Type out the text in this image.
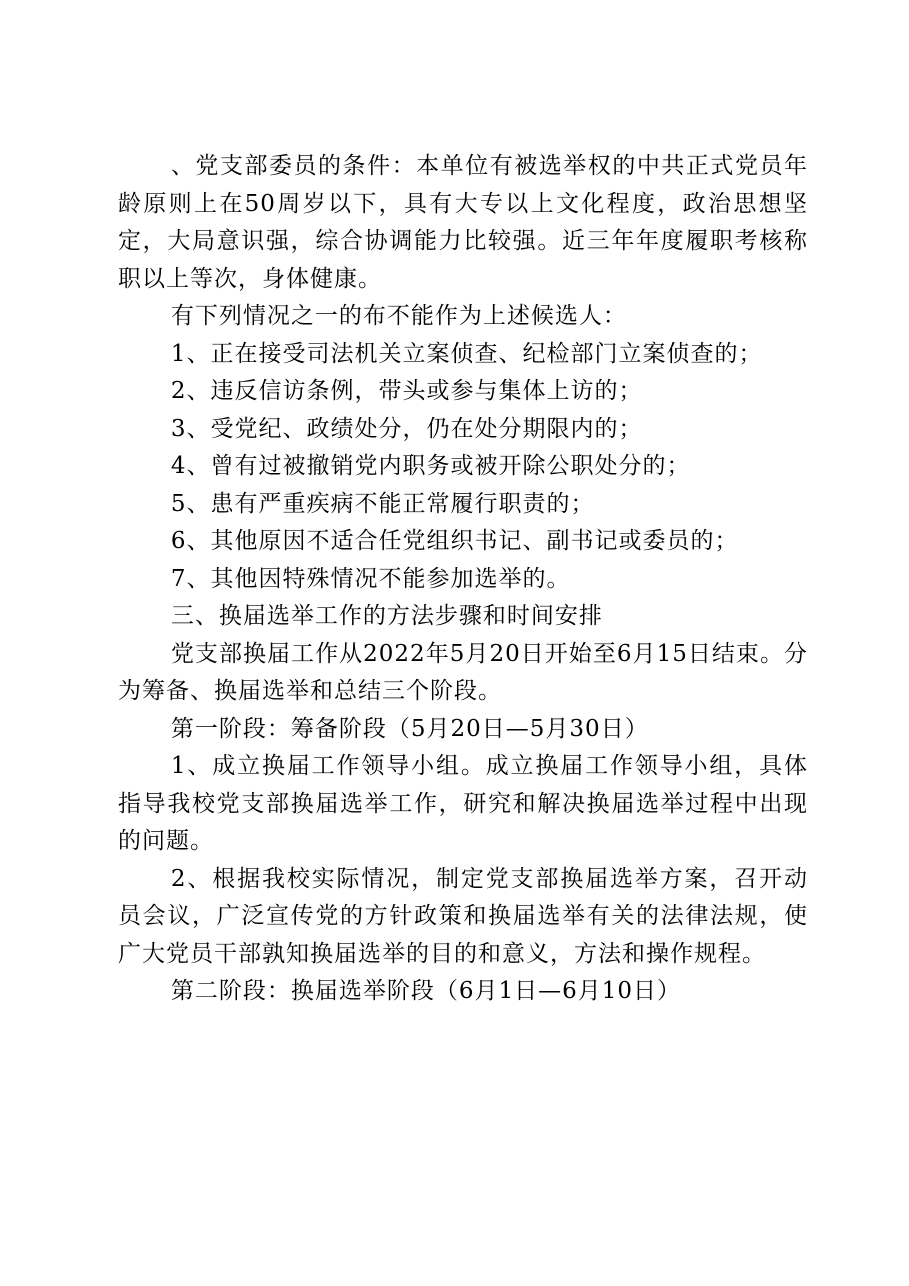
、党支部委员的条件：本单位有被选举权的中共正式党员年龄原则上在50周岁以下，具有大专以上文化程度，政治思想坚定，大局意识强，综合协调能力比较强。近三年年度履职考核称职以上等次，身体健康。

有下列情况之一的布不能作为上述候选人：

1、正在接受司法机关立案侦查、纪检部门立案侦查的；

2、违反信访条例，带头或参与集体上访的；

3、受党纪、政绩处分，仍在处分期限内的；

4、曾有过被撤销党内职务或被开除公职处分的；

5、患有严重疾病不能正常履行职责的；

6、其他原因不适合任党组织书记、副书记或委员的；

7、其他因特殊情况不能参加选举的。

三、换届选举工作的方法步骤和时间安排

党支部换届工作从2022年5月20日开始至6月15日结束。分为筹备、换届选举和总结三个阶段。

第一阶段：筹备阶段（5月20日—5月30日）

1、成立换届工作领导小组。成立换届工作领导小组，具体指导我校党支部换届选举工作，研究和解决换届选举过程中出现的问题。

2、根据我校实际情况，制定党支部换届选举方案，召开动员会议，广泛宣传党的方针政策和换届选举有关的法律法规，使广大党员干部孰知换届选举的目的和意义，方法和操作规程。

第二阶段：换届选举阶段（6月1日—6月10日）
